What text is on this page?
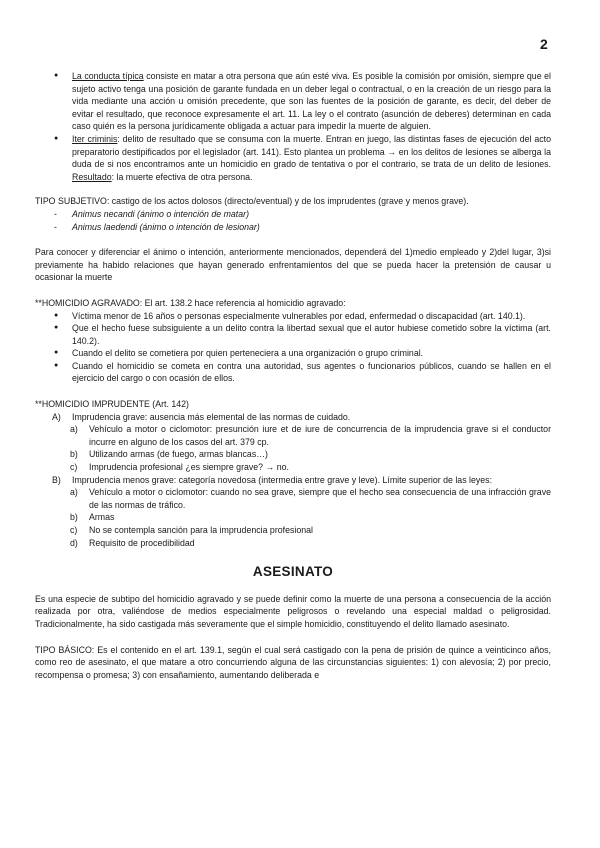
2
● La conducta típica consiste en matar a otra persona que aún esté viva. Es posible la comisión por omisión, siempre que el sujeto activo tenga una posición de garante fundada en un deber legal o contractual, o en la creación de un riesgo para la vida mediante una acción u omisión precedente, que son las fuentes de la posición de garante, es decir, del deber de evitar el resultado, que reconoce expresamente el art. 11. La ley o el contrato (asunción de deberes) determinan en cada caso quién es la persona jurídicamente obligada a actuar para impedir la muerte de alguien.
● Iter criminis: delito de resultado que se consuma con la muerte. Entran en juego, las distintas fases de ejecución del acto preparatorio destipificados por el legislador (art. 141). Esto plantea un problema → en los delitos de lesiones se alberga la duda de si nos encontramos ante un homicidio en grado de tentativa o por el contrario, se trata de un delito de lesiones. Resultado: la muerte efectiva de otra persona.
TIPO SUBJETIVO: castigo de los actos dolosos (directo/eventual) y de los imprudentes (grave y menos grave).
- Animus necandi (ánimo o intención de matar)
- Animus laedendi (ánimo o intención de lesionar)
Para conocer y diferenciar el ánimo o intención, anteriormente mencionados, dependerá del 1)medio empleado y 2)del lugar, 3)si previamente ha habido relaciones que hayan generado enfrentamientos del que se pueda hacer la pretensión de causar u ocasionar la muerte
**HOMICIDIO AGRAVADO: El art. 138.2 hace referencia al homicidio agravado:
● Víctima menor de 16 años o personas especialmente vulnerables por edad, enfermedad o discapacidad (art. 140.1).
● Que el hecho fuese subsiguiente a un delito contra la libertad sexual que el autor hubiese cometido sobre la víctima (art. 140.2).
● Cuando el delito se cometiera por quien perteneciera a una organización o grupo criminal.
● Cuando el homicidio se cometa en contra una autoridad, sus agentes o funcionarios públicos, cuando se hallen en el ejercicio del cargo o con ocasión de ellos.
**HOMICIDIO IMPRUDENTE (Art. 142)
A) Imprudencia grave: ausencia más elemental de las normas de cuidado.
a) Vehículo a motor o ciclomotor: presunción iure et de iure de concurrencia de la imprudencia grave si el conductor incurre en alguno de los casos del art. 379 cp.
b) Utilizando armas (de fuego, armas blancas…)
c) Imprudencia profesional ¿es siempre grave? → no.
B) Imprudencia menos grave: categoría novedosa (intermedia entre grave y leve). Límite superior de las leyes:
a) Vehículo a motor o ciclomotor: cuando no sea grave, siempre que el hecho sea consecuencia de una infracción grave de las normas de tráfico.
b) Armas
c) No se contempla sanción para la imprudencia profesional
d) Requisito de procedibilidad
ASESINATO
Es una especie de subtipo del homicidio agravado y se puede definir como la muerte de una persona a consecuencia de la acción realizada por otra, valiéndose de medios especialmente peligrosos o revelando una especial maldad o peligrosidad. Tradicionalmente, ha sido castigada más severamente que el simple homicidio, constituyendo el delito llamado asesinato.
TIPO BÁSICO: Es el contenido en el art. 139.1, según el cual será castigado con la pena de prisión de quince a veinticinco años, como reo de asesinato, el que matare a otro concurriendo alguna de las circunstancias siguientes: 1) con alevosía; 2) por precio, recompensa o promesa; 3) con ensañamiento, aumentando deliberada e
